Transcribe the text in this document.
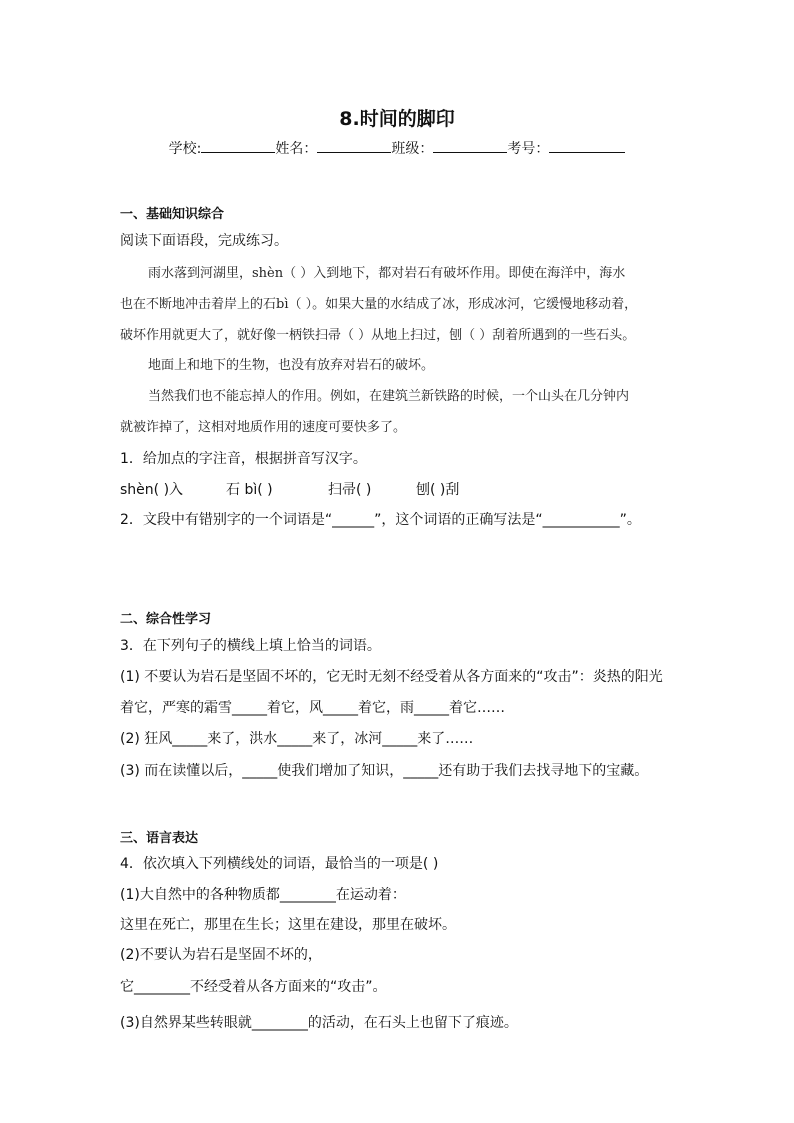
8.时间的脚印
学校:	姓名：	班级：	考号：
一、基础知识综合
阅读下面语段，完成练习。
雨水落到河湖里，shèn（ ）入到地下，都对岩石有破坏作用。即使在海洋中，海水
也在不断地冲击着岸上的石bì（ ）。如果大量的水结成了冰，形成冰河，它缓慢地移动着，
破坏作用就更大了，就好像一柄铁扫帚（ ）从地上扫过，刨（ ）刮着所遇到的一些石头。
地面上和地下的生物，也没有放弃对岩石的破坏。
当然我们也不能忘掉人的作用。例如，在建筑兰新铁路的时候，一个山头在几分钟内
就被诈掉了，这相对地质作用的速度可要快多了。
1．给加点的字注音，根据拼音写汉字。
shèn( )入	石 bì( )	扫帚( )	刨( )刮
2．文段中有错别字的一个词语是“______”，这个词语的正确写法是“___________”。
二、综合性学习
3．在下列句子的横线上填上恰当的词语。
(1) 不要认为岩石是坚固不坏的，它无时无刻不经受着从各方面来的“攻击”：炎热的阳光
着它，严寒的霜雪_____着它，风_____着它，雨_____着它……
(2) 狂风_____来了，洪水_____来了，冰河_____来了……
(3) 而在读懂以后，_____使我们增加了知识，_____还有助于我们去找寻地下的宝藏。
三、语言表达
4．依次填入下列横线处的词语，最恰当的一项是( )
(1)大自然中的各种物质都________在运动着：
这里在死亡，那里在生长；这里在建设，那里在破坏。
(2)不要认为岩石是坚固不坏的，
它________不经受着从各方面来的“攻击”。
(3)自然界某些转眼就________的活动，在石头上也留下了痕迹。
